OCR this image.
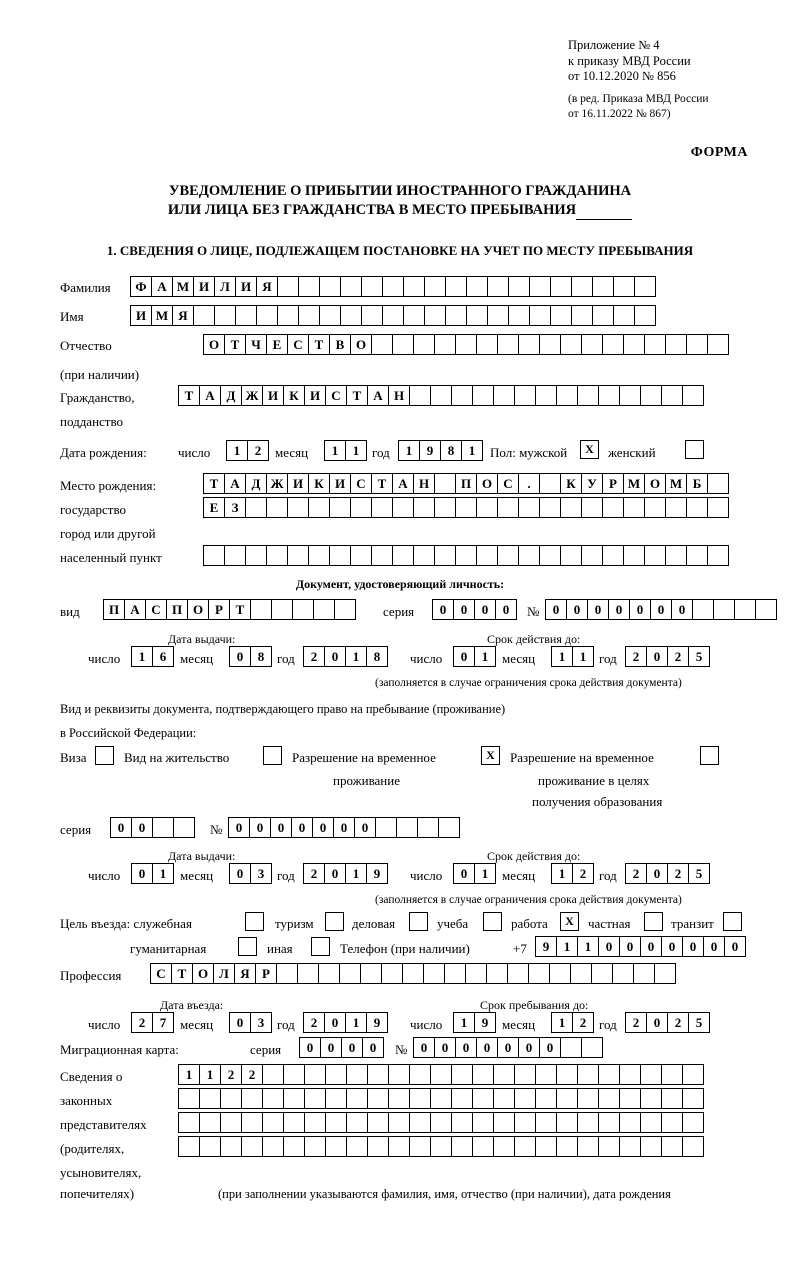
Приложение № 4
к приказу МВД России
от 10.12.2020 № 856
(в ред. Приказа МВД России
от 16.11.2022 № 867)
ФОРМА
УВЕДОМЛЕНИЕ О ПРИБЫТИИ ИНОСТРАННОГО ГРАЖДАНИНА
ИЛИ ЛИЦА БЕЗ ГРАЖДАНСТВА В МЕСТО ПРЕБЫВАНИЯ
1. СВЕДЕНИЯ О ЛИЦЕ, ПОДЛЕЖАЩЕМ ПОСТАНОВКЕ НА УЧЕТ ПО МЕСТУ ПРЕБЫВАНИЯ
Фамилия	Ф А М И Л И Я
Имя	И М Я
Отчество	О Т Ч Е С Т В О
(при наличии)
Гражданство,	Т А Д Ж И К И С Т А Н
подданство
Дата рождения: число	1	2	месяц	1	1 год	1	9	8	1	Пол: мужской	X	женский
Место рождения:	Т А Д Ж И К И С Т А Н	П О С	.	К У Р М О М Б
государство	Е	З
город или другой
населенный пункт
Документ, удостоверяющий личность:
вид	П А С П О Р Т	серия	0	0	0	0	№	0	0	0	0	0	0	0
Дата выдачи:	Срок действия до:
число	1	6	месяц	0	8 год	2	0	1	8	число	0	1	месяц	1	1 год	2	0	2	5
(заполняется в случае ограничения срока действия документа)
Вид и реквизиты документа, подтверждающего право на пребывание (проживание)
в Российской Федерации:
Виза	Вид на жительство	Разрешение на временное	X	Разрешение на временное
проживание	проживание в целях
получения образования
серия	0	0	№	0	0	0	0	0	0	0
Дата выдачи:	Срок действия до:
число	0	1	месяц	0	3 год	2	0	1	9	число	0	1	месяц	1	2 год	2	0	2	5
(заполняется в случае ограничения срока действия документа)
Цель въезда: служебная	туризм	деловая	учеба	работа	X	частная	транзит
гуманитарная	иная	Телефон (при наличии)	+7	9	1	1	0	0	0	0	0	0	0
Профессия	С Т О Л Я Р
Дата въезда:	Срок пребывания до:
число	2	7	месяц	0	3 год	2	0	1	9	число	1	9	месяц	1	2 год	2	0	2	5
Миграционная карта:	серия	0	0	0	0	№	0	0	0	0	0	0	0
Сведения о	1	1	2	2
законных
представителях
(родителях,
усыновителях,
попечителях)	(при заполнении указываются фамилия, имя, отчество (при наличии), дата рождения
